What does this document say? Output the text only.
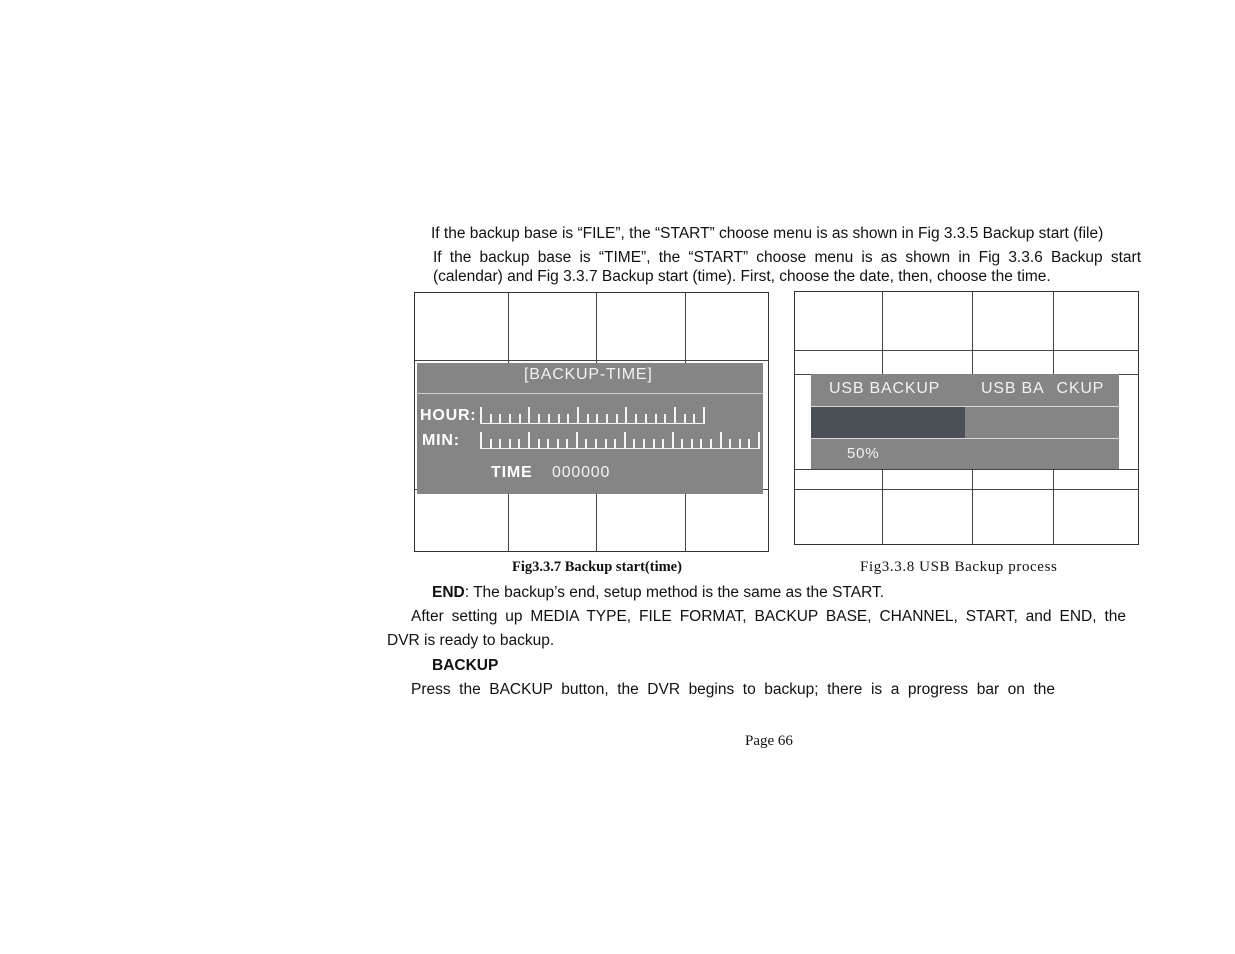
If the backup base is “FILE”, the “START” choose menu is as shown in Fig 3.3.5 Backup start (file)
If the backup base is “TIME”, the “START” choose menu is as shown in Fig 3.3.6 Backup start
(calendar) and Fig 3.3.7 Backup start (time). First, choose the date, then, choose the time.
[BACKUP-TIME]
HOUR:
MIN:
TIME 000000
Fig3.3.7 Backup start(time)
USB BACKUP	USB BA CKUP
50%
Fig3.3.8 USB Backup process
END: The backup’s end, setup method is the same as the START.
After setting up MEDIA TYPE, FILE FORMAT, BACKUP BASE, CHANNEL, START, and END, the
DVR is ready to backup.
BACKUP
Press the BACKUP button, the DVR begins to backup; there is a progress bar on the
Page 66
